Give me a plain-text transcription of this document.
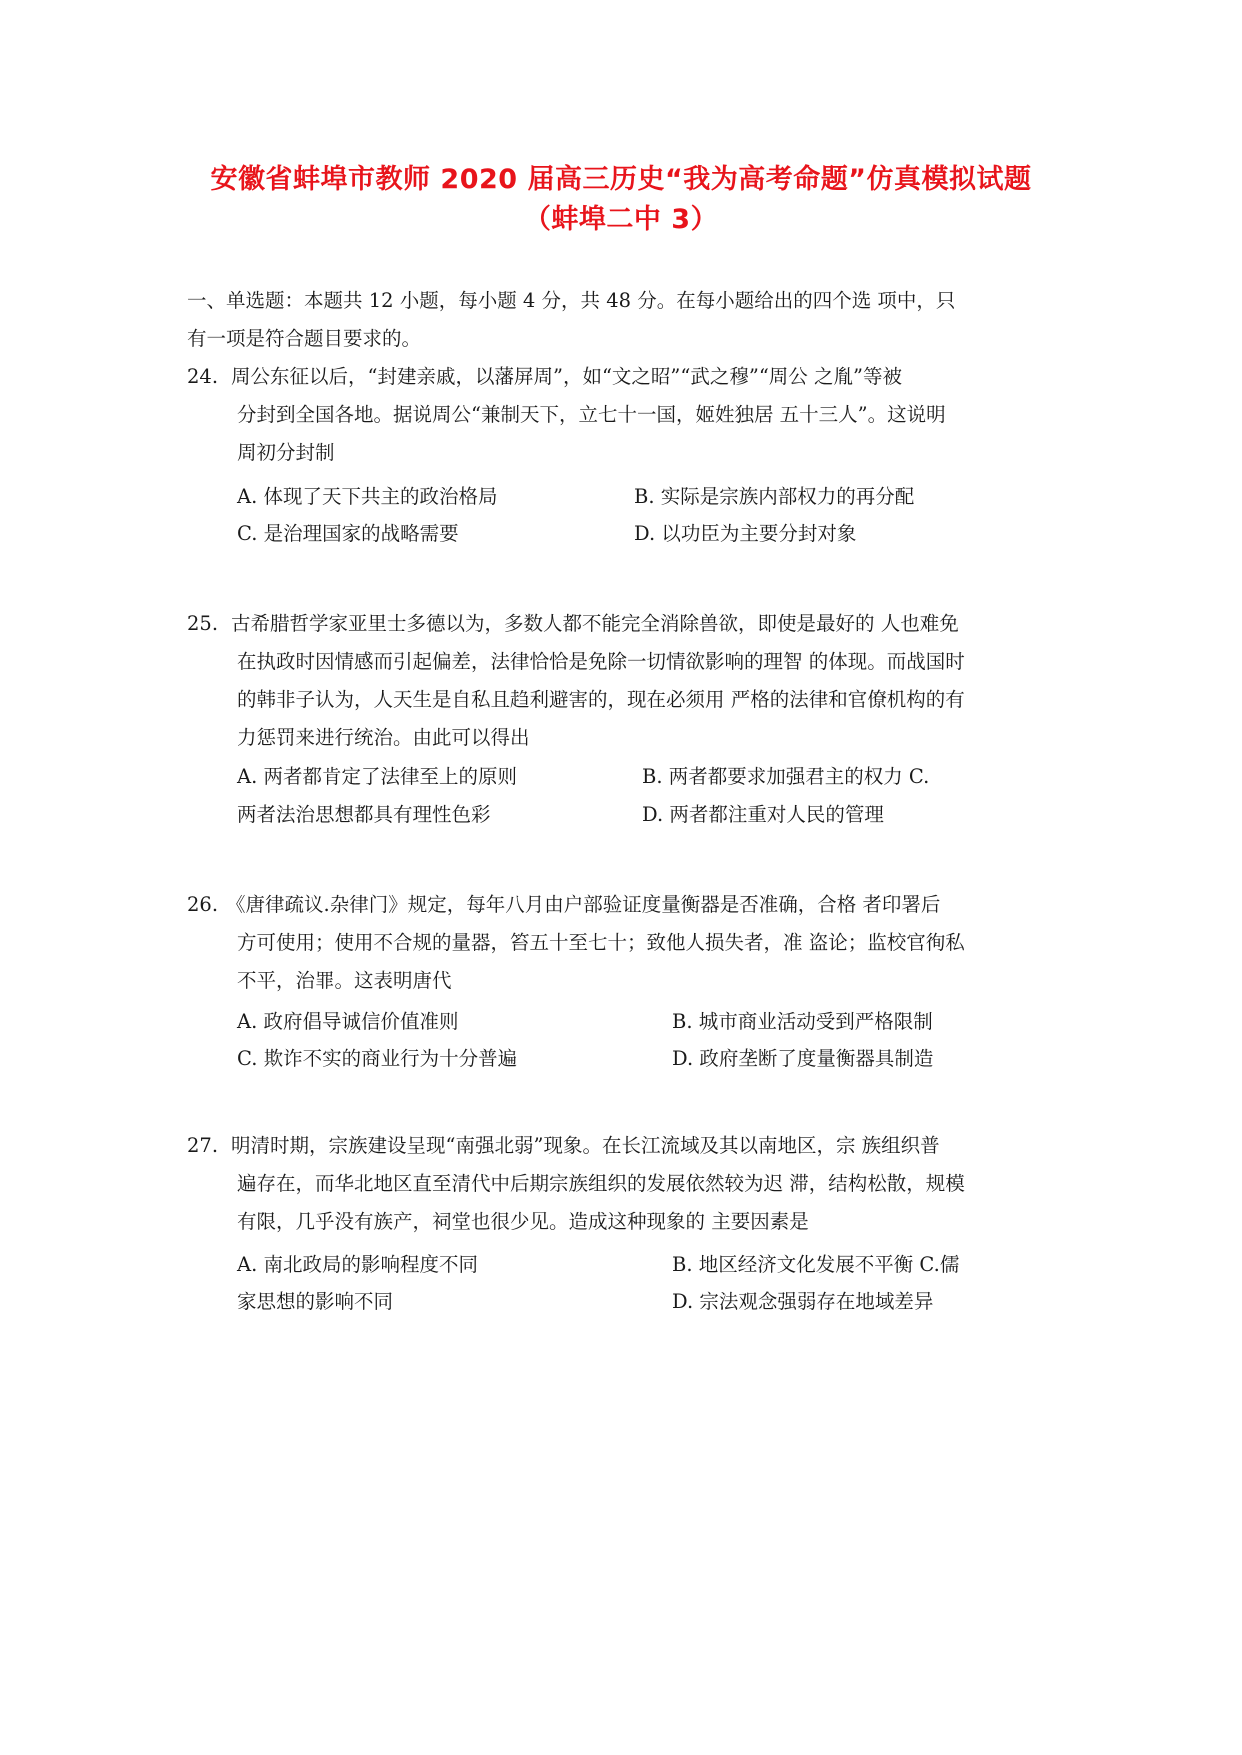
安徽省蚌埠市教师 2020 届高三历史“我为高考命题”仿真模拟试题
（蚌埠二中 3）
一、单选题：本题共 12 小题，每小题 4 分，共 48 分。在每小题给出的四个选 项中，只
有一项是符合题目要求的。
24. 周公东征以后，“封建亲戚，以藩屏周”，如“文之昭”“武之穆”“周公 之胤”等被
分封到全国各地。据说周公“兼制天下，立七十一国，姬姓独居 五十三人”。这说明
周初分封制
A. 体现了天下共主的政治格局	B. 实际是宗族内部权力的再分配
C. 是治理国家的战略需要	D. 以功臣为主要分封对象
25. 古希腊哲学家亚里士多德以为，多数人都不能完全消除兽欲，即使是最好的 人也难免
在执政时因情感而引起偏差，法律恰恰是免除一切情欲影响的理智 的体现。而战国时
的韩非子认为，人天生是自私且趋利避害的，现在必须用 严格的法律和官僚机构的有
力惩罚来进行统治。由此可以得出
A. 两者都肯定了法律至上的原则	B. 两者都要求加强君主的权力 C.
两者法治思想都具有理性色彩	D. 两者都注重对人民的管理
26. 《唐律疏议.杂律门》规定，每年八月由户部验证度量衡器是否准确，合格 者印署后
方可使用；使用不合规的量器，笞五十至七十；致他人损失者，准 盗论；监校官徇私
不平，治罪。这表明唐代
A. 政府倡导诚信价值准则	B. 城市商业活动受到严格限制
C. 欺诈不实的商业行为十分普遍	D. 政府垄断了度量衡器具制造
27. 明清时期，宗族建设呈现“南强北弱”现象。在长江流域及其以南地区，宗 族组织普
遍存在，而华北地区直至清代中后期宗族组织的发展依然较为迟 滞，结构松散，规模
有限，几乎没有族产，祠堂也很少见。造成这种现象的 主要因素是
A. 南北政局的影响程度不同	B. 地区经济文化发展不平衡 C.儒
家思想的影响不同	D. 宗法观念强弱存在地域差异
